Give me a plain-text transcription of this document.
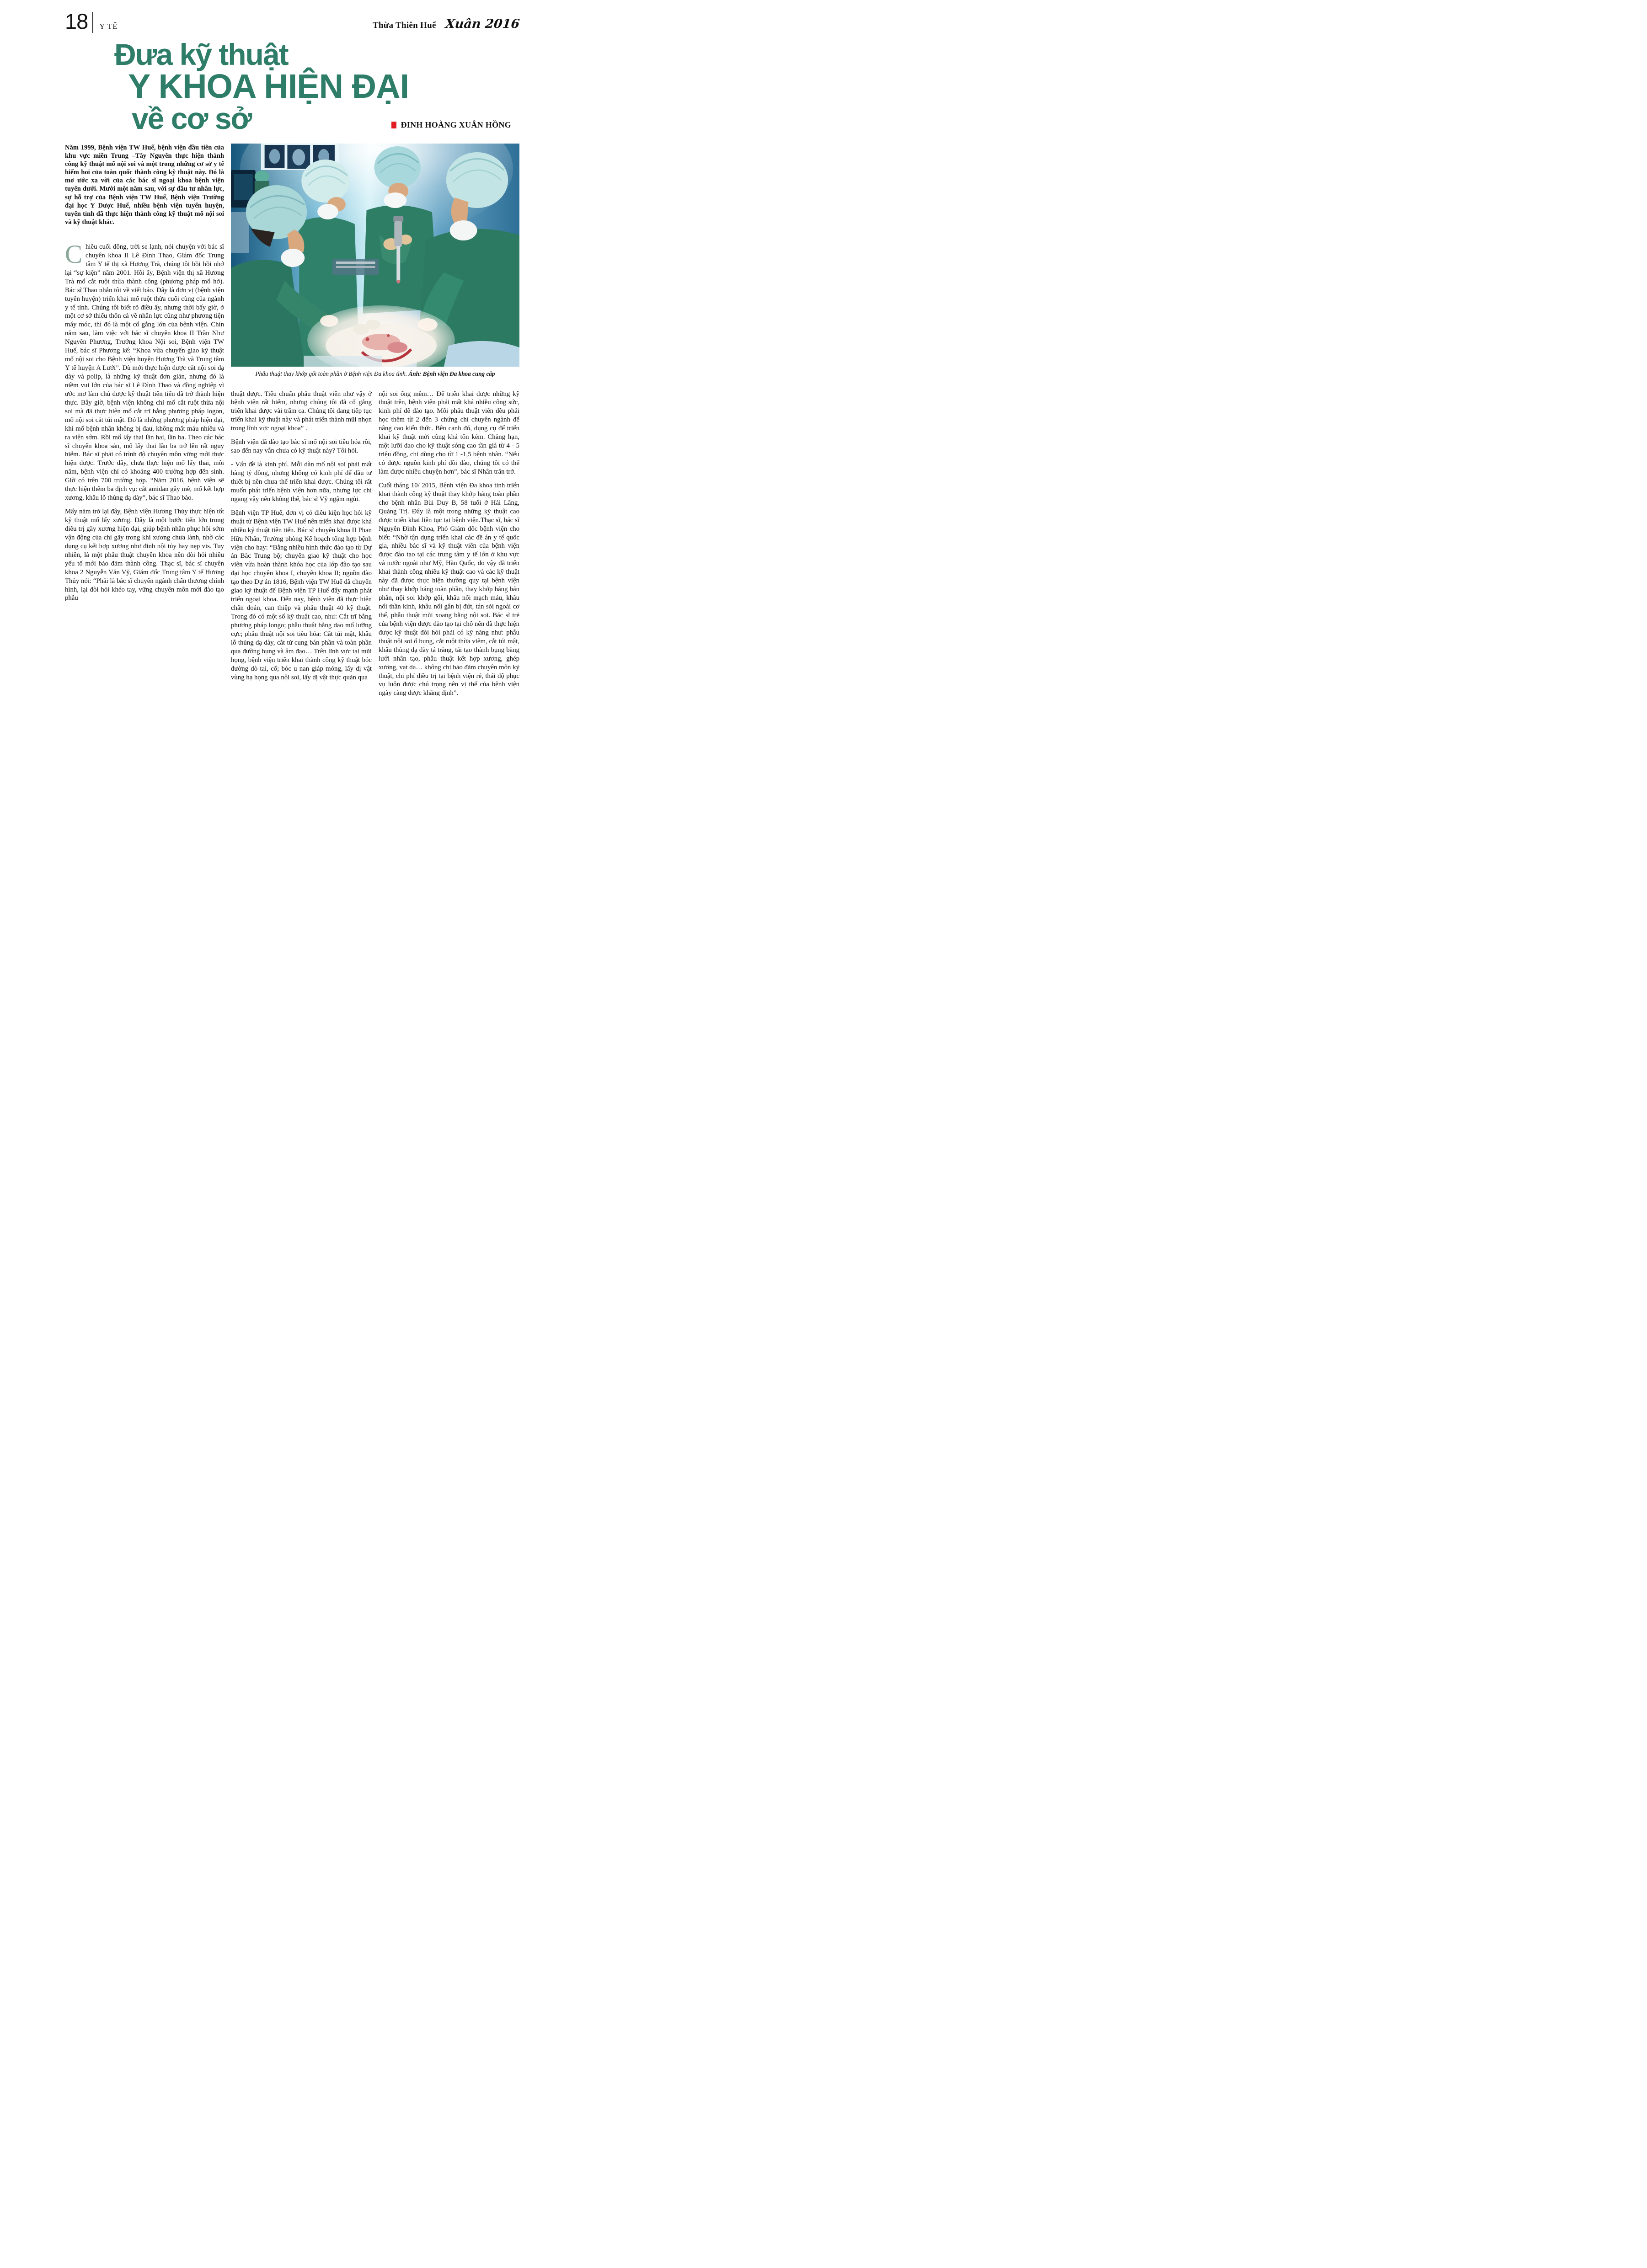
18 Y TẾ	Thừa Thiên Huế Xuân 2016
Đưa kỹ thuật
Y KHOA HIỆN ĐẠI
về cơ sở	ĐINH HOÀNG XUÂN HỒNG

Năm 1999, Bệnh viện TW Huế, bệnh viện đầu tiên của khu vực miền Trung –Tây Nguyên thực hiện thành công kỹ thuật mổ nội soi và một trong những cơ sở y tế hiếm hoi của toàn quốc thành công kỹ thuật này. Đó là mơ ước xa vời của các bác sĩ ngoại khoa bệnh viện tuyến dưới. Mười một năm sau, với sự đầu tư nhân lực, sự hỗ trợ của Bệnh viện TW Huế, Bệnh viện Trường đại học Y Dược Huế, nhiều bệnh viện tuyến huyện, tuyến tỉnh đã thực hiện thành công kỹ thuật mổ nội soi và kỹ thuật khác.

Chiều cuối đông, trời se lạnh, nói chuyện với bác sĩ chuyên khoa II Lê Đình Thao, Giám đốc Trung tâm Y tế thị xã Hương Trà, chúng tôi bồi hồi nhớ lại “sự kiện” năm 2001. Hồi ấy, Bệnh viện thị xã Hương Trà mổ cắt ruột thừa thành công (phương pháp mổ hở). Bác sĩ Thao nhắn tôi về viết báo. Đây là đơn vị (bệnh viện tuyến huyện) triển khai mổ ruột thừa cuối cùng của ngành y tế tỉnh. Chúng tôi biết rõ điều ấy, nhưng thời bấy giờ, ở một cơ sở thiếu thốn cả về nhân lực cũng như phương tiện máy móc, thì đó là một cố gắng lớn của bệnh viện. Chín năm sau, làm việc với bác sĩ chuyên khoa II Trần Như Nguyên Phương, Trưởng khoa Nội soi, Bệnh viện TW Huế, bác sĩ Phương kể: “Khoa vừa chuyển giao kỹ thuật mổ nội soi cho Bệnh viện huyện Hương Trà và Trung tâm Y tế huyện A Lưới”. Dù mới thực hiện được cắt nội soi dạ dày và polip, là những kỹ thuật đơn giản, nhưng đó là niềm vui lớn của bác sĩ Lê Đình Thao và đồng nghiệp vì ước mơ làm chủ được kỹ thuật tiên tiến đã trở thành hiện thực. Bây giờ, bệnh viện không chỉ mổ cắt ruột thừa nội soi mà đã thực hiện mổ cắt trĩ bằng phương pháp logon, mổ nội soi cắt túi mật. Đó là những phương pháp hiện đại, khi mổ bệnh nhân không bị đau, không mất máu nhiều và ra viện sớm. Rồi mổ lấy thai lần hai, lần ba. Theo các bác sĩ chuyên khoa sản, mổ lấy thai lần ba trở lên rất nguy hiểm. Bác sĩ phải có trình độ chuyên môn vững mới thực hiện được. Trước đây, chưa thực hiện mổ lấy thai, mỗi năm, bệnh viện chỉ có khoảng 400 trường hợp đến sinh. Giờ có trên 700 trường hợp. “Năm 2016, bệnh viện sẽ thực hiện thêm ba dịch vụ: cắt amidan gây mê, mổ kết hợp xương, khâu lỗ thủng dạ dày”, bác sĩ Thao bảo.

Mấy năm trở lại đây, Bệnh viện Hương Thủy thực hiện tốt kỹ thuật mổ lấy xương. Đây là một bước tiến lớn trong điều trị gãy xương hiện đại, giúp bệnh nhân phục hồi sớm vận động của chi gãy trong khi xương chưa lành, nhờ các dụng cụ kết hợp xương như đinh nội tủy hay nẹp vis. Tuy nhiên, là một phẫu thuật chuyên khoa nên đòi hỏi nhiều yếu tố mới bảo đảm thành công. Thạc sĩ, bác sĩ chuyên khoa 2 Nguyễn Văn Vỹ, Giám đốc Trung tâm Y tế Hương Thủy nói: “Phải là bác sĩ chuyên ngành chấn thương chỉnh hình, lại đòi hỏi khéo tay, vững chuyên môn mới đào tạo phẫu

Phẫu thuật thay khớp gối toàn phần ở Bệnh viện Đa khoa tỉnh. Ảnh: Bệnh viện Đa khoa cung cấp

thuật được. Tiêu chuẩn phẫu thuật viên như vậy ở bệnh viện rất hiếm, nhưng chúng tôi đã cố gắng triển khai được vài trăm ca. Chúng tôi đang tiếp tục triển khai kỹ thuật này và phát triển thành mũi nhọn trong lĩnh vực ngoại khoa” .

Bệnh viện đã đào tạo bác sĩ mổ nội soi tiêu hóa rồi, sao đến nay vẫn chưa có kỹ thuật này? Tôi hỏi.

- Vấn đề là kinh phí. Mỗi dàn mổ nội soi phải mất hàng tỷ đồng, nhưng không có kinh phí để đầu tư thiết bị nên chưa thể triển khai được. Chúng tôi rất muốn phát triển bệnh viện hơn nữa, nhưng lực chỉ ngang vậy nên không thể, bác sĩ Vỹ ngậm ngùi.

Bệnh viện TP Huế, đơn vị có điều kiện học hỏi kỹ thuật từ Bệnh viện TW Huế nên triển khai được khá nhiều kỹ thuật tiên tiến. Bác sĩ chuyên khoa II Phan Hữu Nhân, Trưởng phòng Kế hoạch tổng hợp bệnh viện cho hay: “Bằng nhiều hình thức đào tạo từ Dự án Bắc Trung bộ; chuyển giao kỹ thuật cho học viên vừa hoàn thành khóa học của lớp đào tạo sau đại học chuyên khoa I, chuyên khoa II; nguồn đào tạo theo Dự án 1816, Bệnh viện TW Huế đã chuyển giao kỹ thuật để Bệnh viện TP Huế đẩy mạnh phát triển ngoại khoa. Đến nay, bệnh viện đã thực hiện chẩn đoán, can thiệp và phẫu thuật 40 kỹ thuật. Trong đó có một số kỹ thuật cao, như: Cắt trĩ bằng phương pháp longo; phẫu thuật bằng dao mổ lưỡng cực; phẫu thuật nội soi tiêu hóa: Cắt túi mật, khâu lỗ thủng dạ dày, cắt tử cung bán phần và toàn phần qua đường bụng và âm đạo… Trên lĩnh vực tai mũi họng, bệnh viện triển khai thành công kỹ thuật bóc đường dò tai, cổ; bóc u nan giáp móng, lấy dị vật vùng hạ họng qua nội soi, lấy dị vật thực quản qua

nội soi ống mềm… Để triển khai được những kỹ thuật trên, bệnh viện phải mất khá nhiều công sức, kinh phí để đào tạo. Mỗi phẫu thuật viên đều phải học thêm từ 2 đến 3 chứng chỉ chuyên ngành để nâng cao kiến thức. Bên cạnh đó, dụng cụ để triển khai kỹ thuật mới cũng khá tốn kém. Chẳng hạn, một lưỡi dao cho kỹ thuật sóng cao tần giá từ 4 - 5 triệu đồng, chỉ dùng cho từ 1 -1,5 bệnh nhân. “Nếu có được nguồn kinh phí dồi dào, chúng tôi có thể làm được nhiều chuyện hơn”, bác sĩ Nhân trăn trở.

Cuối tháng 10/ 2015, Bệnh viện Đa khoa tỉnh triển khai thành công kỹ thuật thay khớp háng toàn phần cho bệnh nhân Bùi Duy B, 58 tuổi ở Hải Lăng, Quảng Trị. Đây là một trong những kỹ thuật cao được triển khai liên tục tại bệnh viện.Thạc sĩ, bác sĩ Nguyễn Đình Khoa, Phó Giám đốc bệnh viện cho biết: “Nhờ tận dụng triển khai các đề án y tế quốc gia, nhiều bác sĩ và kỹ thuật viên của bệnh viện được đào tạo tại các trung tâm y tế lớn ở khu vực và nước ngoài như Mỹ, Hàn Quốc, do vậy đã triển khai thành công nhiều kỹ thuật cao và các kỹ thuật này đã được thực hiện thường quy tại bệnh viện như thay khớp háng toàn phần, thay khớp háng bán phần, nội soi khớp gối, khâu nối mạch máu, khâu nối thần kinh, khâu nối gân bị đứt, tán sỏi ngoài cơ thể, phẫu thuật mũi xoang bằng nội soi. Bác sĩ trẻ của bệnh viện được đào tạo tại chỗ nên đã thực hiện được kỹ thuật đòi hỏi phải có kỹ năng như: phẫu thuật nội soi ổ bụng, cắt ruột thừa viêm, cắt túi mật, khâu thủng dạ dày tá tràng, tái tạo thành bụng bằng lưới nhân tạo, phẫu thuật kết hợp xương, ghép xương, vạt da… không chỉ bảo đảm chuyên môn kỹ thuật, chi phí điều trị tại bệnh viện rẻ, thái độ phục vụ luôn được chú trọng nên vị thế của bệnh viện ngày càng được khẳng định”.
